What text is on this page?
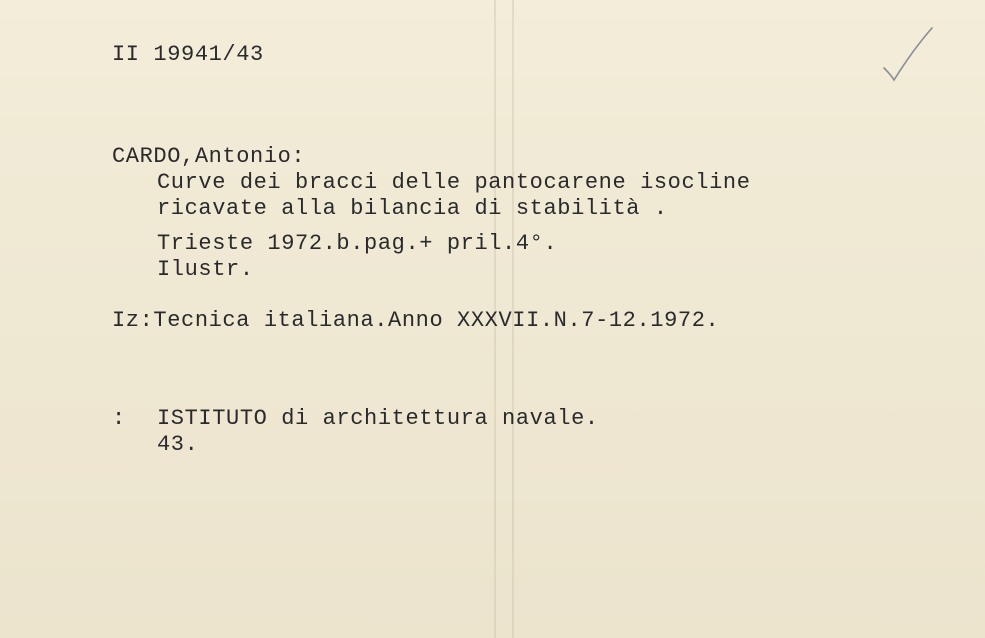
II 19941/43
CARDO,Antonio:
Curve dei bracci delle pantocarene isocline
ricavate alla bilancia di stabilità .
Trieste 1972.b.pag.+ pril.4°.
Ilustr.
Iz:Tecnica italiana.Anno XXXVII.N.7-12.1972.
: ISTITUTO di architettura navale.
43.
